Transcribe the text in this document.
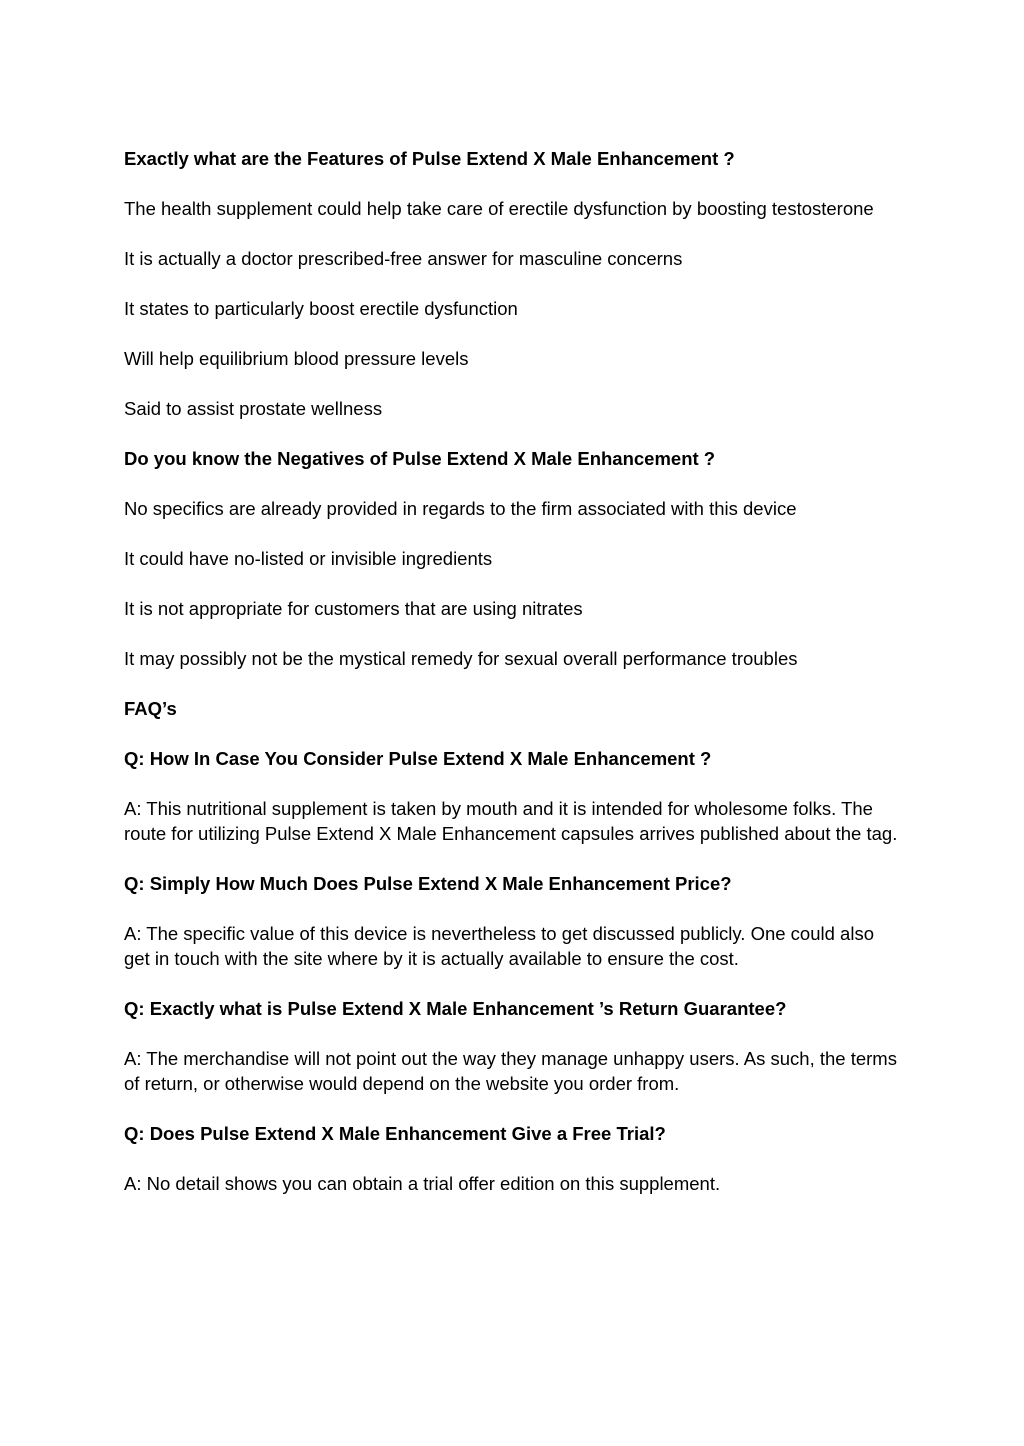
Exactly what are the Features of Pulse Extend X Male Enhancement ?

The health supplement could help take care of erectile dysfunction by boosting testosterone

It is actually a doctor prescribed-free answer for masculine concerns

It states to particularly boost erectile dysfunction

Will help equilibrium blood pressure levels

Said to assist prostate wellness

Do you know the Negatives of Pulse Extend X Male Enhancement ?

No specifics are already provided in regards to the firm associated with this device

It could have no-listed or invisible ingredients

It is not appropriate for customers that are using nitrates

It may possibly not be the mystical remedy for sexual overall performance troubles

FAQ’s

Q: How In Case You Consider Pulse Extend X Male Enhancement ?

A: This nutritional supplement is taken by mouth and it is intended for wholesome folks. The route for utilizing Pulse Extend X Male Enhancement capsules arrives published about the tag.

Q: Simply How Much Does Pulse Extend X Male Enhancement Price?

A: The specific value of this device is nevertheless to get discussed publicly. One could also get in touch with the site where by it is actually available to ensure the cost.

Q: Exactly what is Pulse Extend X Male Enhancement ’s Return Guarantee?

A: The merchandise will not point out the way they manage unhappy users. As such, the terms of return, or otherwise would depend on the website you order from.

Q: Does Pulse Extend X Male Enhancement Give a Free Trial?

A: No detail shows you can obtain a trial offer edition on this supplement.
